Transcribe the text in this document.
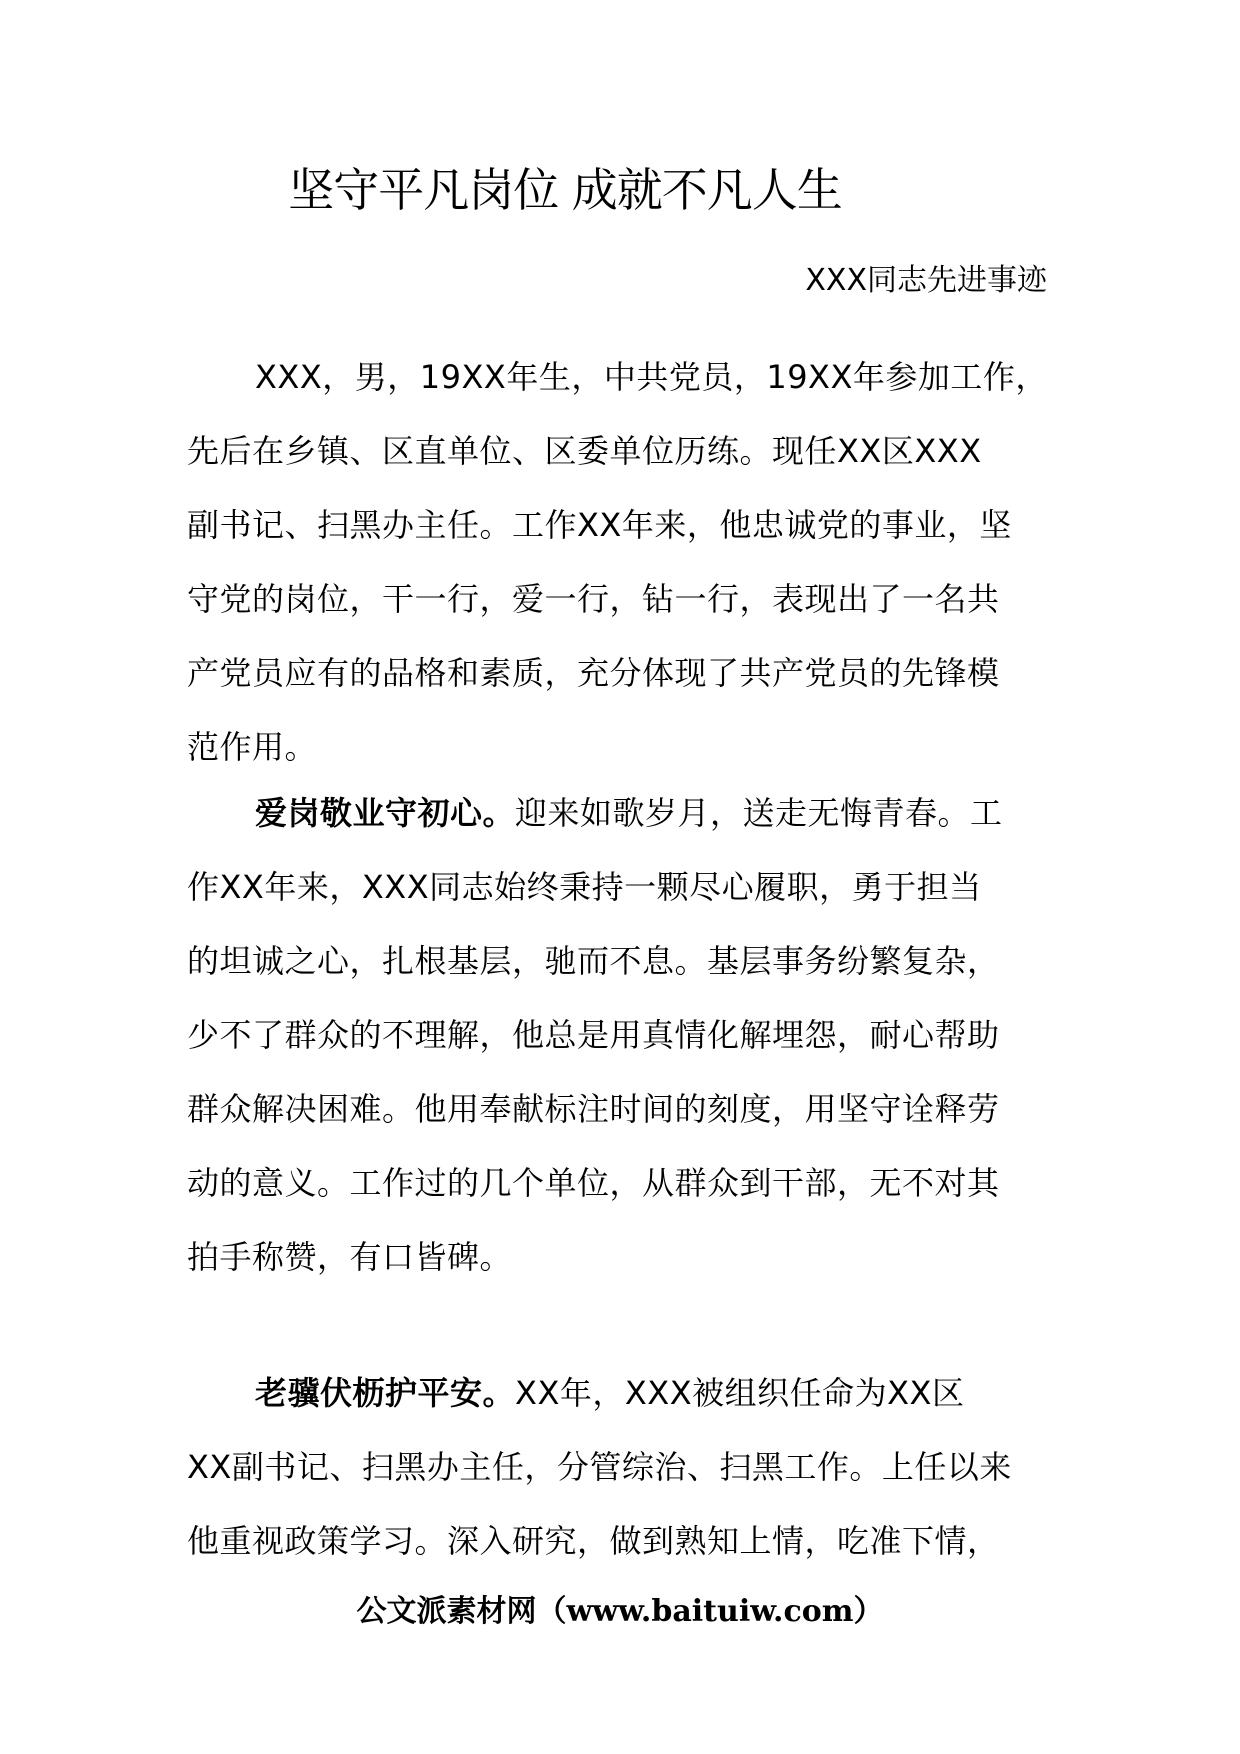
坚守平凡岗位 成就不凡人生
XXX同志先进事迹
XXX，男，19XX年生，中共党员，19XX年参加工作，
先后在乡镇、区直单位、区委单位历练。现任XX区XXX
副书记、扫黑办主任。工作XX年来，他忠诚党的事业，坚
守党的岗位，干一行，爱一行，钻一行，表现出了一名共
产党员应有的品格和素质，充分体现了共产党员的先锋模
范作用。
爱岗敬业守初心。迎来如歌岁月，送走无悔青春。工
作XX年来，XXX同志始终秉持一颗尽心履职，勇于担当
的坦诚之心，扎根基层，驰而不息。基层事务纷繁复杂，
少不了群众的不理解，他总是用真情化解埋怨，耐心帮助
群众解决困难。他用奉献标注时间的刻度，用坚守诠释劳
动的意义。工作过的几个单位，从群众到干部，无不对其
拍手称赞，有口皆碑。
老骥伏枥护平安。XX年，XXX被组织任命为XX区
XX副书记、扫黑办主任，分管综治、扫黑工作。上任以来
他重视政策学习。深入研究，做到熟知上情，吃准下情，
公文派素材网（www.baituiw.com）
